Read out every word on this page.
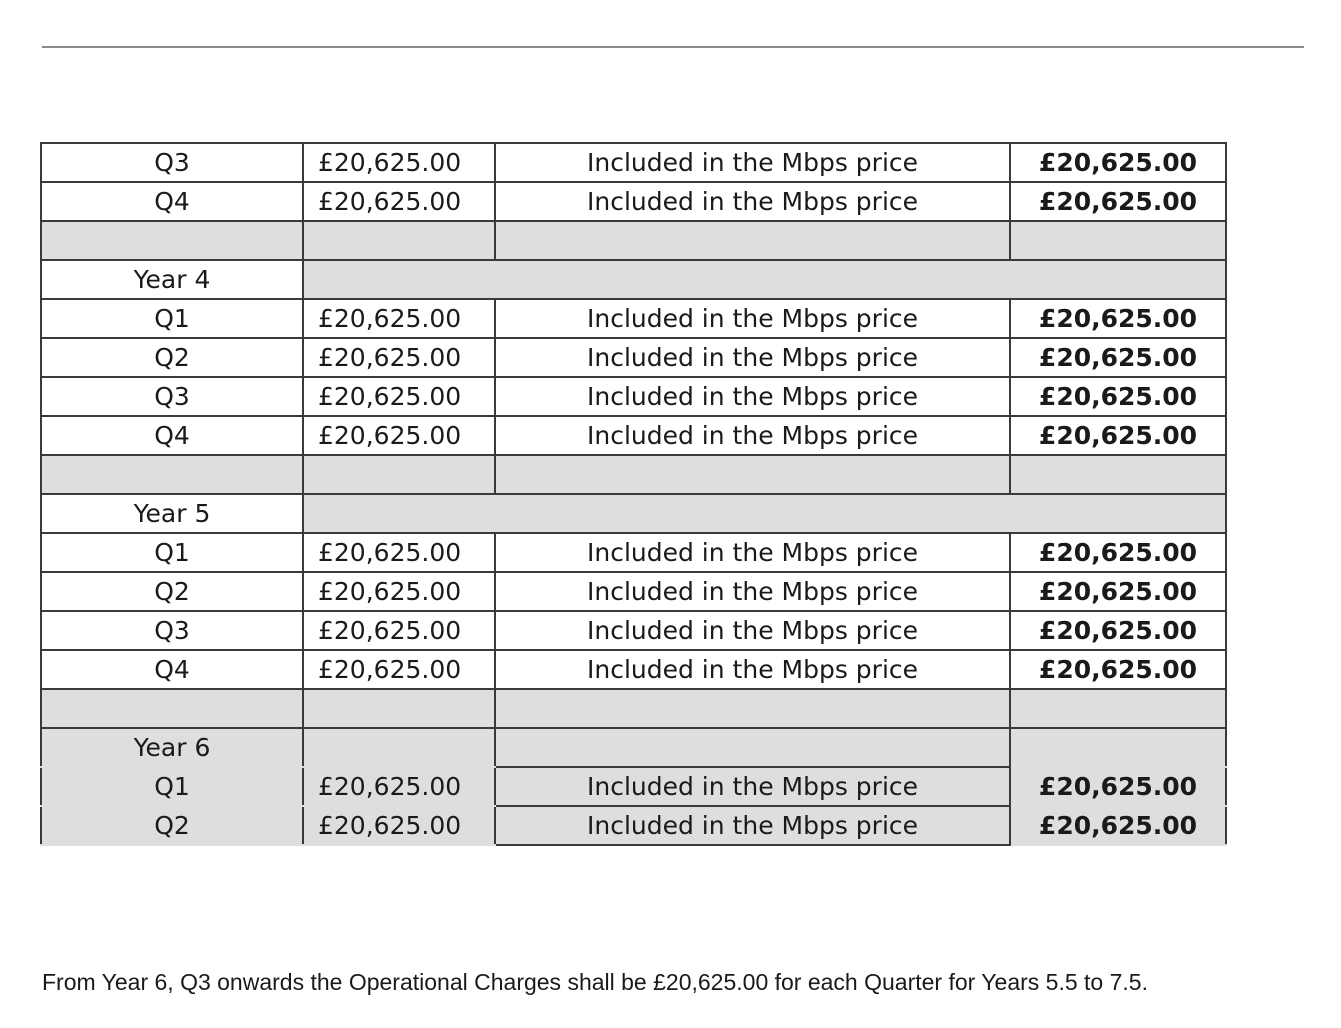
Q3	£20,625.00	Included in the Mbps price	£20,625.00
Q4	£20,625.00	Included in the Mbps price	£20,625.00

Year 4			
Q1	£20,625.00	Included in the Mbps price	£20,625.00
Q2	£20,625.00	Included in the Mbps price	£20,625.00
Q3	£20,625.00	Included in the Mbps price	£20,625.00
Q4	£20,625.00	Included in the Mbps price	£20,625.00

Year 5			
Q1	£20,625.00	Included in the Mbps price	£20,625.00
Q2	£20,625.00	Included in the Mbps price	£20,625.00
Q3	£20,625.00	Included in the Mbps price	£20,625.00
Q4	£20,625.00	Included in the Mbps price	£20,625.00

Year 6			
Q1	£20,625.00	Included in the Mbps price	£20,625.00
Q2	£20,625.00	Included in the Mbps price	£20,625.00

From Year 6, Q3 onwards the Operational Charges shall be £20,625.00 for each Quarter for Years 5.5 to 7.5.
